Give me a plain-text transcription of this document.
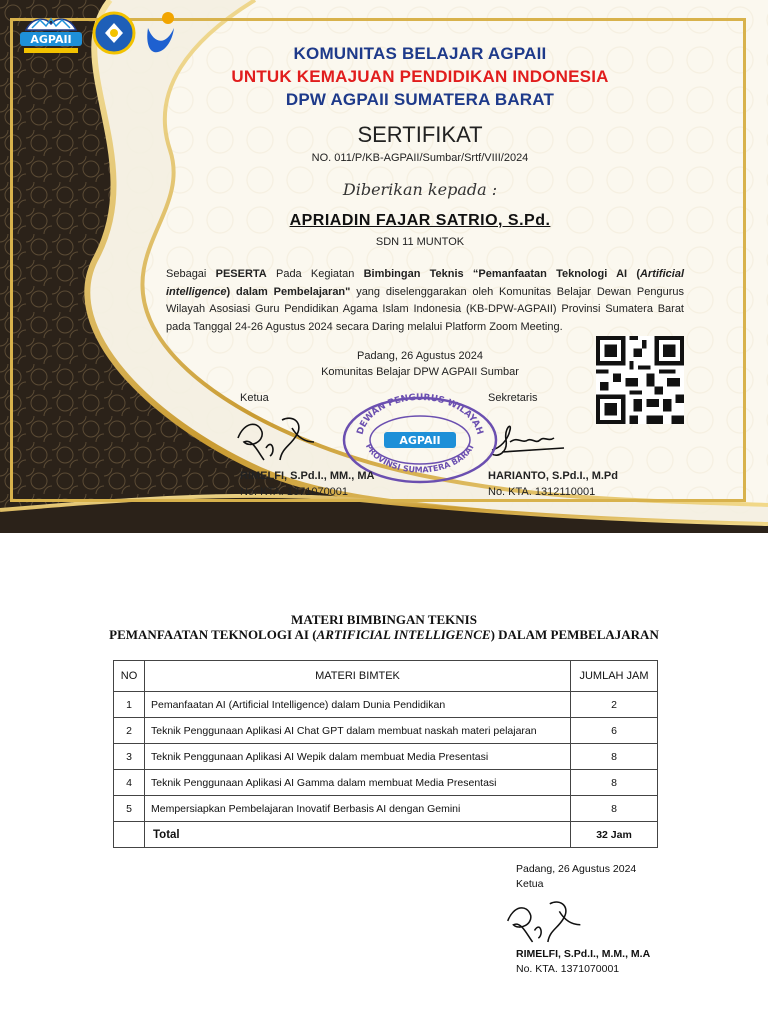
AGPAII
KOMUNITAS BELAJAR AGPAII
UNTUK KEMAJUAN PENDIDIKAN INDONESIA
DPW AGPAII SUMATERA BARAT
SERTIFIKAT
NO. 011/P/KB-AGPAII/Sumbar/Srtf/VIII/2024
Diberikan kepada :
APRIADIN FAJAR SATRIO, S.Pd.
SDN 11 MUNTOK
Sebagai PESERTA Pada Kegiatan Bimbingan Teknis “Pemanfaatan Teknologi AI (Artificial intelligence) dalam Pembelajaran" yang diselenggarakan oleh Komunitas Belajar Dewan Pengurus Wilayah Asosiasi Guru Pendidikan Agama Islam Indonesia (KB-DPW-AGPAII) Provinsi Sumatera Barat pada Tanggal 24-26 Agustus 2024 secara Daring melalui Platform Zoom Meeting.
Padang, 26 Agustus 2024
Komunitas Belajar DPW AGPAII Sumbar
Ketua	Sekretaris
DEWAN PENGURUS WILAYAH
PROVINSI SUMATERA BARAT
AGPAII
RIMELFI, S.Pd.I., MM., MA
No. KTA. 1371070001
HARIANTO, S.Pd.I., M.Pd
No. KTA. 1312110001
MATERI BIMBINGAN TEKNIS
PEMANFAATAN TEKNOLOGI AI (ARTIFICIAL INTELLIGENCE) DALAM PEMBELAJARAN
NO	MATERI BIMTEK	JUMLAH JAM
1	Pemanfaatan AI (Artificial Intelligence) dalam Dunia Pendidikan	2
2	Teknik Penggunaan Aplikasi AI Chat GPT dalam membuat naskah materi pelajaran	6
3	Teknik Penggunaan Aplikasi AI Wepik dalam membuat Media Presentasi	8
4	Teknik Penggunaan Aplikasi AI Gamma dalam membuat Media Presentasi	8
5	Mempersiapkan Pembelajaran Inovatif Berbasis AI dengan Gemini	8
	Total	32 Jam
Padang, 26 Agustus 2024
Ketua
RIMELFI, S.Pd.I., M.M., M.A
No. KTA. 1371070001
